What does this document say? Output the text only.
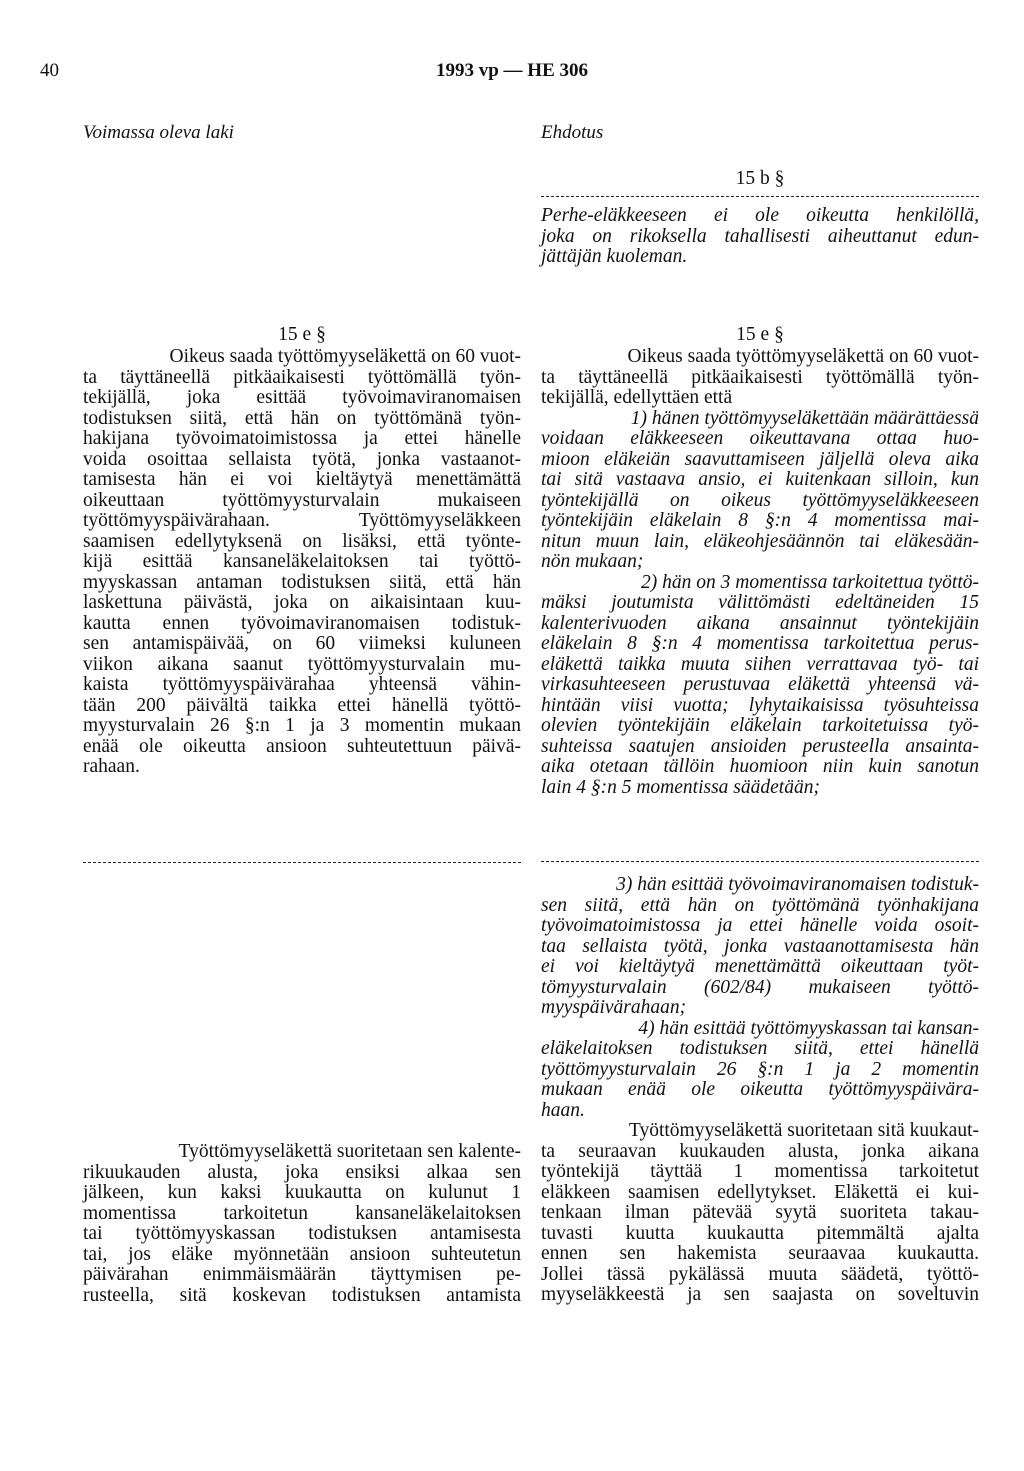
40	1993 vp — HE 306
Voimassa oleva laki	Ehdotus
15 b §

Perhe-eläkkeeseen ei ole oikeutta henkilöllä,

joka on rikoksella tahallisesti aiheuttanut edun-

jättäjän kuoleman.

15 e §

Oikeus saada työttömyyseläkettä on 60 vuot-

ta täyttäneellä pitkäaikaisesti työttömällä työn-

tekijällä, joka esittää työvoimaviranomaisen

todistuksen siitä, että hän on työttömänä työn-

hakijana työvoimatoimistossa ja ettei hänelle

voida osoittaa sellaista työtä, jonka vastaanot-

tamisesta hän ei voi kieltäytyä menettämättä

oikeuttaan työttömyysturvalain mukaiseen

työttömyyspäivärahaan. Työttömyyseläkkeen

saamisen edellytyksenä on lisäksi, että työnte-

kijä esittää kansaneläkelaitoksen tai työttö-

myyskassan antaman todistuksen siitä, että hän

laskettuna päivästä, joka on aikaisintaan kuu-

kautta ennen työvoimaviranomaisen todistuk-

sen antamispäivää, on 60 viimeksi kuluneen

viikon aikana saanut työttömyysturvalain mu-

kaista työttömyyspäivärahaa yhteensä vähin-

tään 200 päivältä taikka ettei hänellä työttö-

myysturvalain 26 §:n 1 ja 3 momentin mukaan

enää ole oikeutta ansioon suhteutettuun päivä-

rahaan.

Työttömyyseläkettä suoritetaan sen kalente-

rikuukauden alusta, joka ensiksi alkaa sen

jälkeen, kun kaksi kuukautta on kulunut 1

momentissa tarkoitetun kansaneläkelaitoksen

tai työttömyyskassan todistuksen antamisesta

tai, jos eläke myönnetään ansioon suhteutetun

päivärahan enimmäismäärän täyttymisen pe-

rusteella, sitä koskevan todistuksen antamista

15 e §

Oikeus saada työttömyyseläkettä on 60 vuot-

ta täyttäneellä pitkäaikaisesti työttömällä työn-

tekijällä, edellyttäen että

1) hänen työttömyyseläkettään määrättäessä

voidaan eläkkeeseen oikeuttavana ottaa huo-

mioon eläkeiän saavuttamiseen jäljellä oleva aika

tai sitä vastaava ansio, ei kuitenkaan silloin, kun

työntekijällä on oikeus työttömyyseläkkeeseen

työntekijäin eläkelain 8 §:n 4 momentissa mai-

nitun muun lain, eläkeohjesäännön tai eläkesään-

nön mukaan;

2) hän on 3 momentissa tarkoitettua työttö-

mäksi joutumista välittömästi edeltäneiden 15

kalenterivuoden aikana ansainnut työntekijäin

eläkelain 8 §:n 4 momentissa tarkoitettua perus-

eläkettä taikka muuta siihen verrattavaa työ- tai

virkasuhteeseen perustuvaa eläkettä yhteensä vä-

hintään viisi vuotta; lyhytaikaisissa työsuhteissa

olevien työntekijäin eläkelain tarkoitetuissa työ-

suhteissa saatujen ansioiden perusteella ansainta-

aika otetaan tällöin huomioon niin kuin sanotun

lain 4 §:n 5 momentissa säädetään;

3) hän esittää työvoimaviranomaisen todistuk-

sen siitä, että hän on työttömänä työnhakijana

työvoimatoimistossa ja ettei hänelle voida osoit-

taa sellaista työtä, jonka vastaanottamisesta hän

ei voi kieltäytyä menettämättä oikeuttaan työt-

tömyysturvalain (602/84) mukaiseen työttö-

myyspäivärahaan;

4) hän esittää työttömyyskassan tai kansan-

eläkelaitoksen todistuksen siitä, ettei hänellä

työttömyysturvalain 26 §:n 1 ja 2 momentin

mukaan enää ole oikeutta työttömyyspäivära-

haan.

Työttömyyseläkettä suoritetaan sitä kuukaut-

ta seuraavan kuukauden alusta, jonka aikana

työntekijä täyttää 1 momentissa tarkoitetut

eläkkeen saamisen edellytykset. Eläkettä ei kui-

tenkaan ilman pätevää syytä suoriteta takau-

tuvasti kuutta kuukautta pitemmältä ajalta

ennen sen hakemista seuraavaa kuukautta.

Jollei tässä pykälässä muuta säädetä, työttö-

myyseläkkeestä ja sen saajasta on soveltuvin
